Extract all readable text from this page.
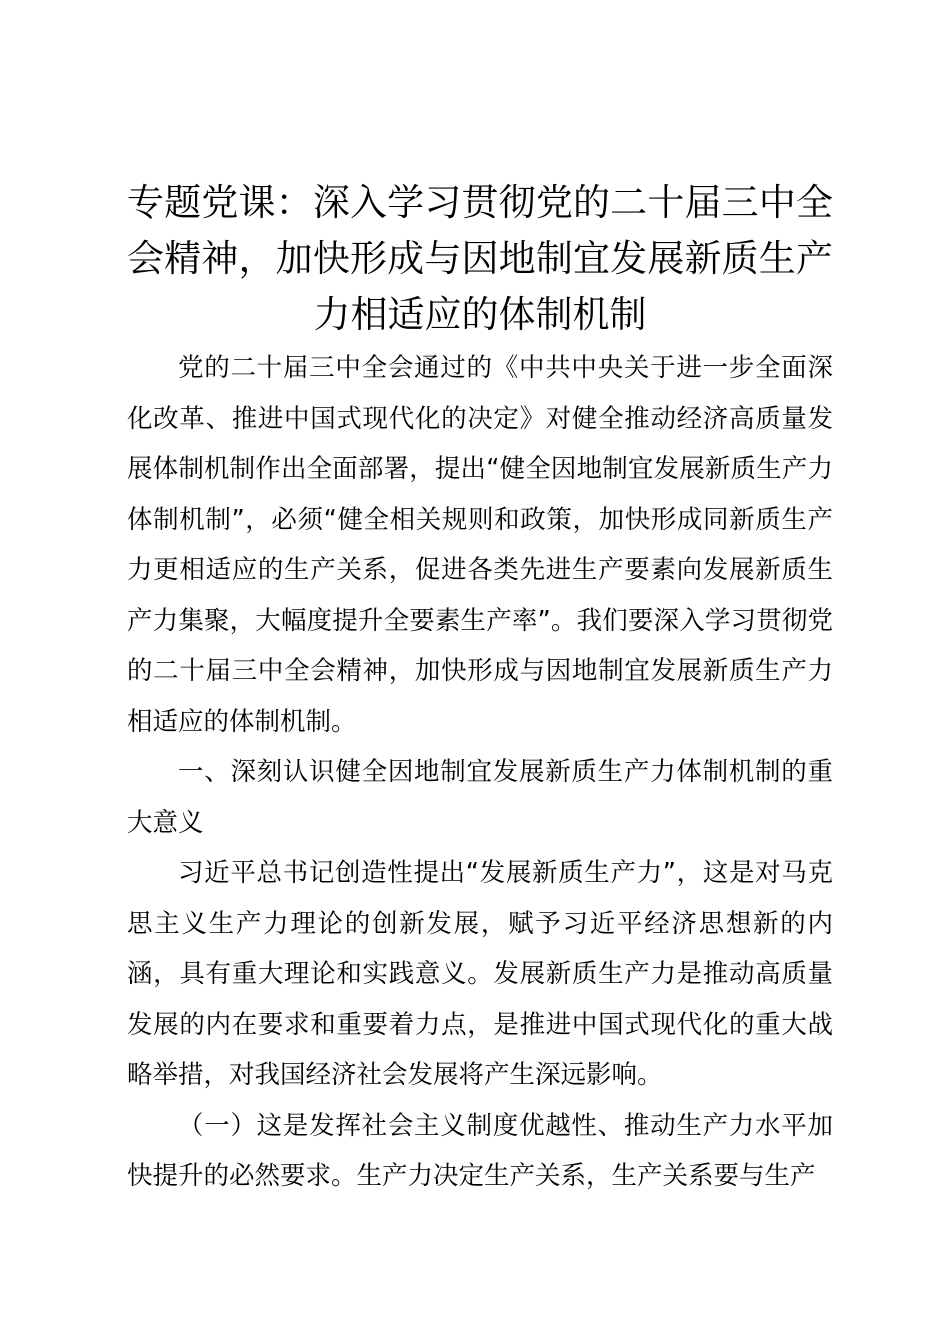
专题党课：深入学习贯彻党的二十届三中全会精神，加快形成与因地制宜发展新质生产力相适应的体制机制

党的二十届三中全会通过的《中共中央关于进一步全面深化改革、推进中国式现代化的决定》对健全推动经济高质量发展体制机制作出全面部署，提出“健全因地制宜发展新质生产力体制机制”，必须“健全相关规则和政策，加快形成同新质生产力更相适应的生产关系，促进各类先进生产要素向发展新质生产力集聚，大幅度提升全要素生产率”。我们要深入学习贯彻党的二十届三中全会精神，加快形成与因地制宜发展新质生产力相适应的体制机制。

一、深刻认识健全因地制宜发展新质生产力体制机制的重大意义

习近平总书记创造性提出“发展新质生产力”，这是对马克思主义生产力理论的创新发展，赋予习近平经济思想新的内涵，具有重大理论和实践意义。发展新质生产力是推动高质量发展的内在要求和重要着力点，是推进中国式现代化的重大战略举措，对我国经济社会发展将产生深远影响。

（一）这是发挥社会主义制度优越性、推动生产力水平加快提升的必然要求。生产力决定生产关系，生产关系要与生产
